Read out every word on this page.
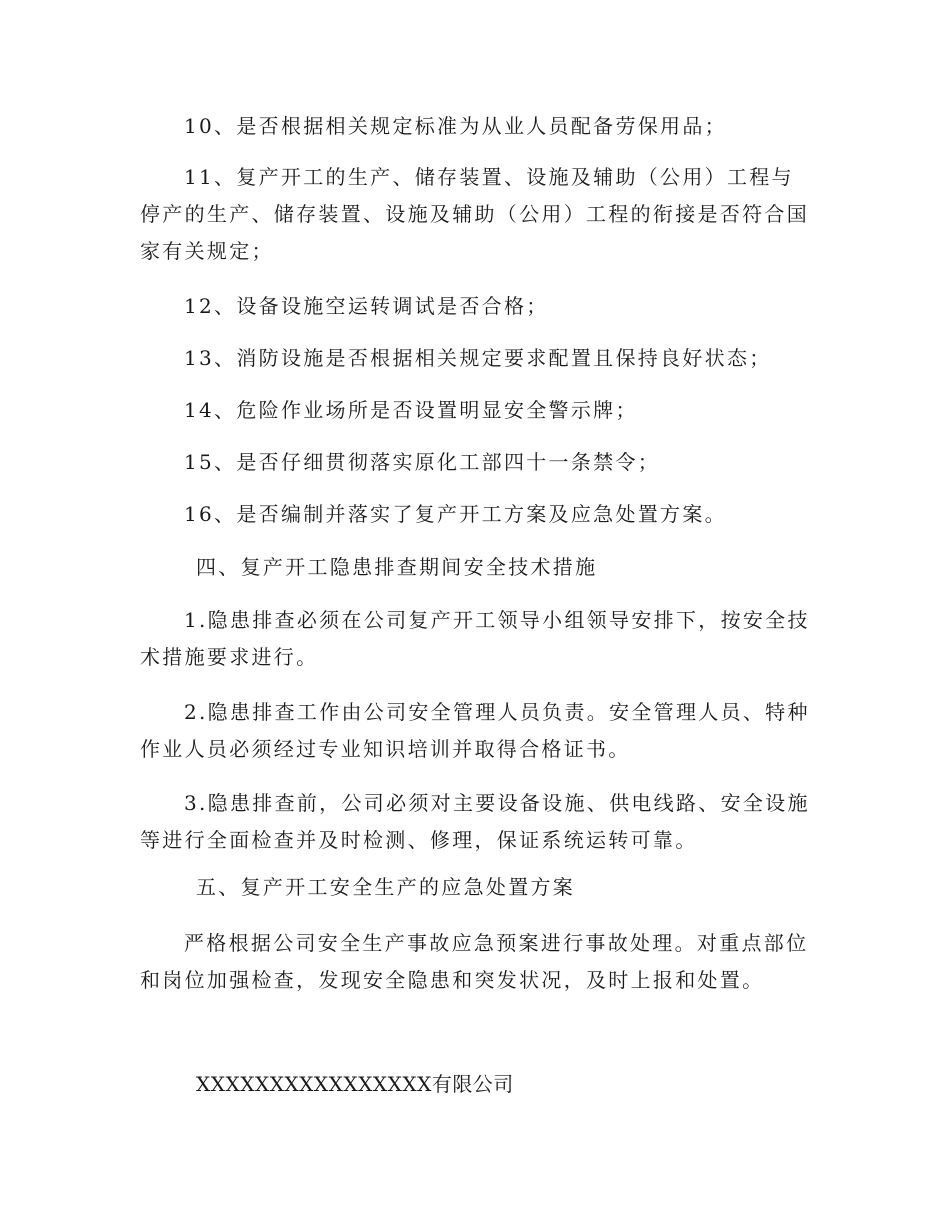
10、是否根据相关规定标准为从业人员配备劳保用品；

11、复产开工的生产、储存装置、设施及辅助（公用）工程与停产的生产、储存装置、设施及辅助（公用）工程的衔接是否符合国家有关规定；

12、设备设施空运转调试是否合格；

13、消防设施是否根据相关规定要求配置且保持良好状态；

14、危险作业场所是否设置明显安全警示牌；

15、是否仔细贯彻落实原化工部四十一条禁令；

16、是否编制并落实了复产开工方案及应急处置方案。

四、复产开工隐患排查期间安全技术措施

1.隐患排查必须在公司复产开工领导小组领导安排下，按安全技术措施要求进行。

2.隐患排查工作由公司安全管理人员负责。安全管理人员、特种作业人员必须经过专业知识培训并取得合格证书。

3.隐患排查前，公司必须对主要设备设施、供电线路、安全设施等进行全面检查并及时检测、修理，保证系统运转可靠。

五、复产开工安全生产的应急处置方案

严格根据公司安全生产事故应急预案进行事故处理。对重点部位和岗位加强检查，发现安全隐患和突发状况，及时上报和处置。

XXXXXXXXXXXXXXXX有限公司
